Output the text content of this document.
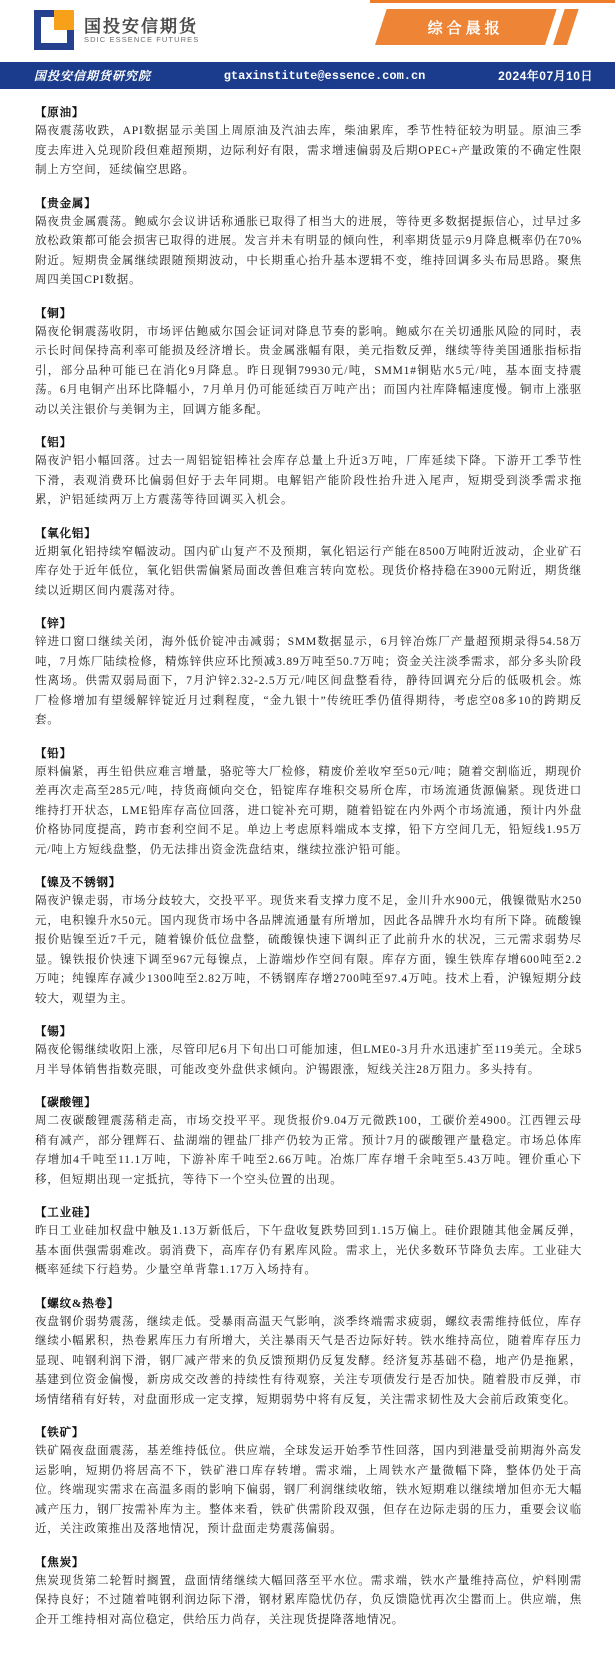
国投安信期货
SDIC ESSENCE FUTURES
综合晨报
国投安信期货研究院	gtaxinstitute@essence.com.cn	2024年07月10日
【原油】

隔夜震荡收跌，API数据显示美国上周原油及汽油去库，柴油累库，季节性特征较为明显。原油三季度去库进入兑现阶段但难超预期，边际利好有限，需求增速偏弱及后期OPEC+产量政策的不确定性限制上方空间，延续偏空思路。

【贵金属】

隔夜贵金属震荡。鲍威尔会议讲话称通胀已取得了相当大的进展，等待更多数据提振信心，过早过多放松政策都可能会损害已取得的进展。发言并未有明显的倾向性，利率期货显示9月降息概率仍在70%附近。短期贵金属继续跟随预期波动，中长期重心抬升基本逻辑不变，维持回调多头布局思路。聚焦周四美国CPI数据。

【铜】

隔夜伦铜震荡收阴，市场评估鲍威尔国会证词对降息节奏的影响。鲍威尔在关切通胀风险的同时，表示长时间保持高利率可能损及经济增长。贵金属涨幅有限，美元指数反弹，继续等待美国通胀指标指引，部分品种可能已在消化9月降息。昨日现铜79930元/吨，SMM1#铜贴水5元/吨，基本面支持震荡。6月电铜产出环比降幅小，7月单月仍可能延续百万吨产出；而国内社库降幅速度慢。铜市上涨驱动以关注银价与美铜为主，回调方能多配。

【铝】

隔夜沪铝小幅回落。过去一周铝锭铝棒社会库存总量上升近3万吨，厂库延续下降。下游开工季节性下滑，表观消费环比偏弱但好于去年同期。电解铝产能阶段性抬升进入尾声，短期受到淡季需求拖累，沪铝延续两万上方震荡等待回调买入机会。

【氧化铝】

近期氧化铝持续窄幅波动。国内矿山复产不及预期，氧化铝运行产能在8500万吨附近波动，企业矿石库存处于近年低位，氧化铝供需偏紧局面改善但难言转向宽松。现货价格持稳在3900元附近，期货继续以近期区间内震荡对待。

【锌】

锌进口窗口继续关闭，海外低价锭冲击减弱；SMM数据显示，6月锌冶炼厂产量超预期录得54.58万吨，7月炼厂陆续检修，精炼锌供应环比预减3.89万吨至50.7万吨；资金关注淡季需求，部分多头阶段性离场。供需双弱局面下，7月沪锌2.32-2.5万元/吨区间盘整看待，静待回调充分后的低吸机会。炼厂检修增加有望缓解锌锭近月过剩程度，“金九银十”传统旺季仍值得期待，考虑空08多10的跨期反套。

【铅】

原料偏紧，再生铅供应难言增量，骆驼等大厂检修，精废价差收窄至50元/吨；随着交割临近，期现价差再次走高至285元/吨，持货商倾向交仓，铅锭库存堆积交易所仓库，市场流通货源偏紧。现货进口维持打开状态，LME铅库存高位回落，进口锭补充可期，随着铅锭在内外两个市场流通，预计内外盘价格协同度提高，跨市套利空间不足。单边上考虑原料端成本支撑，铅下方空间几无，铅短线1.95万元/吨上方短线盘整，仍无法排出资金洗盘结束，继续拉涨沪铅可能。

【镍及不锈钢】

隔夜沪镍走弱，市场分歧较大，交投平平。现货来看支撑力度不足，金川升水900元，俄镍微贴水250元，电积镍升水50元。国内现货市场中各品牌流通量有所增加，因此各品牌升水均有所下降。硫酸镍报价贴镍至近7千元，随着镍价低位盘整，硫酸镍快速下调纠正了此前升水的状况，三元需求弱势尽显。镍铁报价快速下调至967元每镍点，上游端炒作空间有限。库存方面，镍生铁库存增600吨至2.2万吨；纯镍库存减少1300吨至2.82万吨，不锈钢库存增2700吨至97.4万吨。技术上看，沪镍短期分歧较大，观望为主。

【锡】

隔夜伦锡继续收阳上涨，尽管印尼6月下旬出口可能加速，但LME0-3月升水迅速扩至119美元。全球5月半导体销售指数亮眼，可能改变外盘供求倾向。沪锡跟涨，短线关注28万阻力。多头持有。

【碳酸锂】

周二夜碳酸锂震荡稍走高，市场交投平平。现货报价9.04万元微跌100，工碳价差4900。江西锂云母稍有减产，部分锂辉石、盐湖端的锂盐厂排产仍较为正常。预计7月的碳酸锂产量稳定。市场总体库存增加4千吨至11.1万吨，下游补库千吨至2.66万吨。冶炼厂库存增千余吨至5.43万吨。锂价重心下移，但短期出现一定抵抗，等待下一个空头位置的出现。

【工业硅】

昨日工业硅加权盘中触及1.13万新低后，下午盘收复跌势回到1.15万偏上。硅价跟随其他金属反弹，基本面供强需弱难改。弱消费下，高库存仍有累库风险。需求上，光伏多数环节降负去库。工业硅大概率延续下行趋势。少量空单背靠1.17万入场持有。

【螺纹&热卷】

夜盘钢价弱势震荡，继续走低。受暴雨高温天气影响，淡季终端需求疲弱，螺纹表需维持低位，库存继续小幅累积，热卷累库压力有所增大，关注暴雨天气是否边际好转。铁水维持高位，随着库存压力显现、吨钢利润下滑，钢厂减产带来的负反馈预期仍反复发酵。经济复苏基础不稳，地产仍是拖累，基建到位资金偏慢，新房成交改善的持续性有待观察，关注专项债发行是否加快。随着股市反弹，市场情绪稍有好转，对盘面形成一定支撑，短期弱势中将有反复，关注需求韧性及大会前后政策变化。

【铁矿】

铁矿隔夜盘面震荡，基差维持低位。供应端，全球发运开始季节性回落，国内到港量受前期海外高发运影响，短期仍将居高不下，铁矿港口库存转增。需求端，上周铁水产量微幅下降，整体仍处于高位。终端现实需求在高温多雨的影响下偏弱，钢厂利润继续收缩，铁水短期难以继续增加但亦无大幅减产压力，钢厂按需补库为主。整体来看，铁矿供需阶段双强，但存在边际走弱的压力，重要会议临近，关注政策推出及落地情况，预计盘面走势震荡偏弱。

【焦炭】

焦炭现货第二轮暂时搁置，盘面情绪继续大幅回落至平水位。需求端，铁水产量维持高位，炉料刚需保持良好；不过随着吨钢利润边际下滑，钢材累库隐忧仍存，负反馈隐忧再次尘嚣而上。供应端，焦企开工维持相对高位稳定，供给压力尚存，关注现货提降落地情况。
